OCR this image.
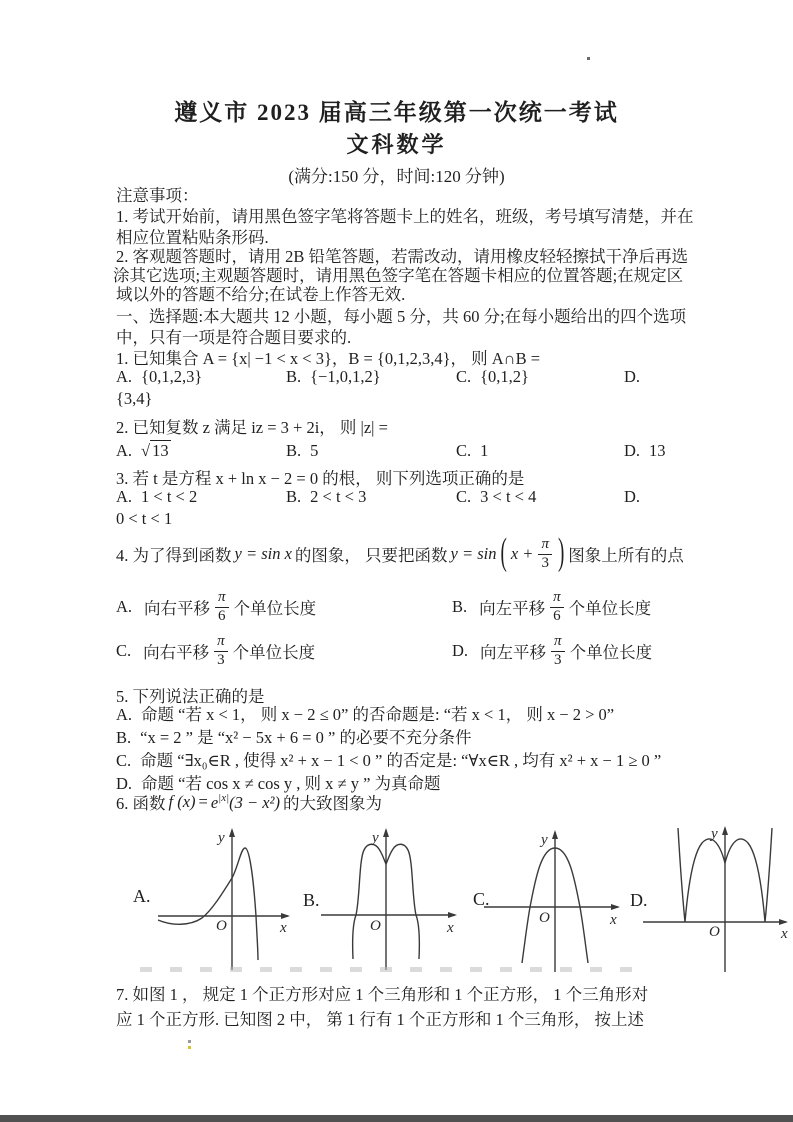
遵义市 2023 届高三年级第一次统一考试
文科数学
(满分:150 分，时间:120 分钟)
注意事项：
1. 考试开始前，请用黑色签字笔将答题卡上的姓名，班级，考号填写清楚，并在
相应位置粘贴条形码.
2. 客观题答题时，请用 2B 铅笔答题，若需改动，请用橡皮轻轻擦拭干净后再选
涂其它选项;主观题答题时，请用黑色签字笔在答题卡相应的位置答题;在规定区
域以外的答题不给分;在试卷上作答无效.
一、选择题:本大题共 12 小题，每小题 5 分，共 60 分;在每小题给出的四个选项
中，只有一项是符合题目要求的.
1. 已知集合 A = {x| −1 < x < 3}，B = {0,1,2,3,4}， 则 A∩B =
A. {0,1,2,3}	B. {−1,0,1,2}	C. {0,1,2}	D.
{3,4}
2. 已知复数 z 满足 iz = 3 + 2i， 则 |z| =
A. √ 13	B. 5	C. 1	D. 13
3. 若 t 是方程 x + ln x − 2 = 0 的根， 则下列选项正确的是
A. 1 < t < 2	B. 2 < t < 3	C. 3 < t < 4	D.
0 < t < 1
4. 为了得到函数 y = sin x 的图象， 只要把函数 y = sin ( $x + \frac{\pi}{3}$ ) 图象上所有的点
A. 向右平移 $\frac{\pi}{6}$ 个单位长度	B. 向左平移 $\frac{\pi}{6}$ 个单位长度
C. 向右平移 $\frac{\pi}{3}$ 个单位长度	D. 向左平移 $\frac{\pi}{3}$ 个单位长度
5. 下列说法正确的是
A. 命题 “若 x < 1， 则 x − 2 ≤ 0” 的否命题是: “若 x < 1， 则 x − 2 > 0”
B. “x = 2 ” 是 “x² − 5x + 6 = 0 ” 的必要不充分条件
C. 命题 “∃x₀∈R , 使得 x² + x − 1 < 0 ” 的否定是: “∀x∈R , 均有 x² + x − 1 ≥ 0 ”
D. 命题 “若 cos x ≠ cos y , 则 x ≠ y ” 为真命题
6. 函数 f $(x) = e^{|x|}(3 - x^2)$ 的大致图象为
A.	B.	C.	D.
y
x
O
y
x
O
y
x
O
y
x
O
7. 如图 1 ， 规定 1 个正方形对应 1 个三角形和 1 个正方形， 1 个三角形对
应 1 个正方形. 已知图 2 中， 第 1 行有 1 个正方形和 1 个三角形， 按上述
